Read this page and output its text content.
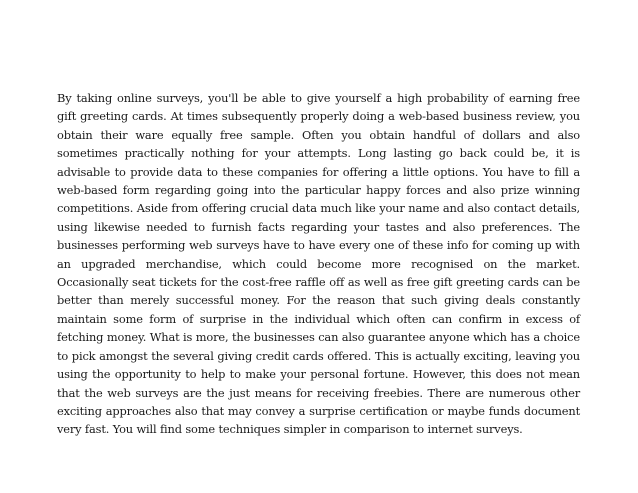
By taking online surveys, you'll be able to give yourself a high probability of earning free gift greeting cards. At times subsequently properly doing a web-based business review, you obtain their ware equally free sample. Often you obtain handful of dollars and also sometimes practically nothing for your attempts. Long lasting go back could be, it is advisable to provide data to these companies for offering a little options. You have to fill a web-based form regarding going into the particular happy forces and also prize winning competitions. Aside from offering crucial data much like your name and also contact details, using likewise needed to furnish facts regarding your tastes and also preferences. The businesses performing web surveys have to have every one of these info for coming up with an upgraded merchandise, which could become more recognised on the market. Occasionally seat tickets for the cost-free raffle off as well as free gift greeting cards can be better than merely successful money. For the reason that such giving deals constantly maintain some form of surprise in the individual which often can confirm in excess of fetching money. What is more, the businesses can also guarantee anyone which has a choice to pick amongst the several giving credit cards offered. This is actually exciting, leaving you using the opportunity to help to make your personal fortune. However, this does not mean that the web surveys are the just means for receiving freebies. There are numerous other exciting approaches also that may convey a surprise certification or maybe funds document very fast. You will find some techniques simpler in comparison to internet surveys.
